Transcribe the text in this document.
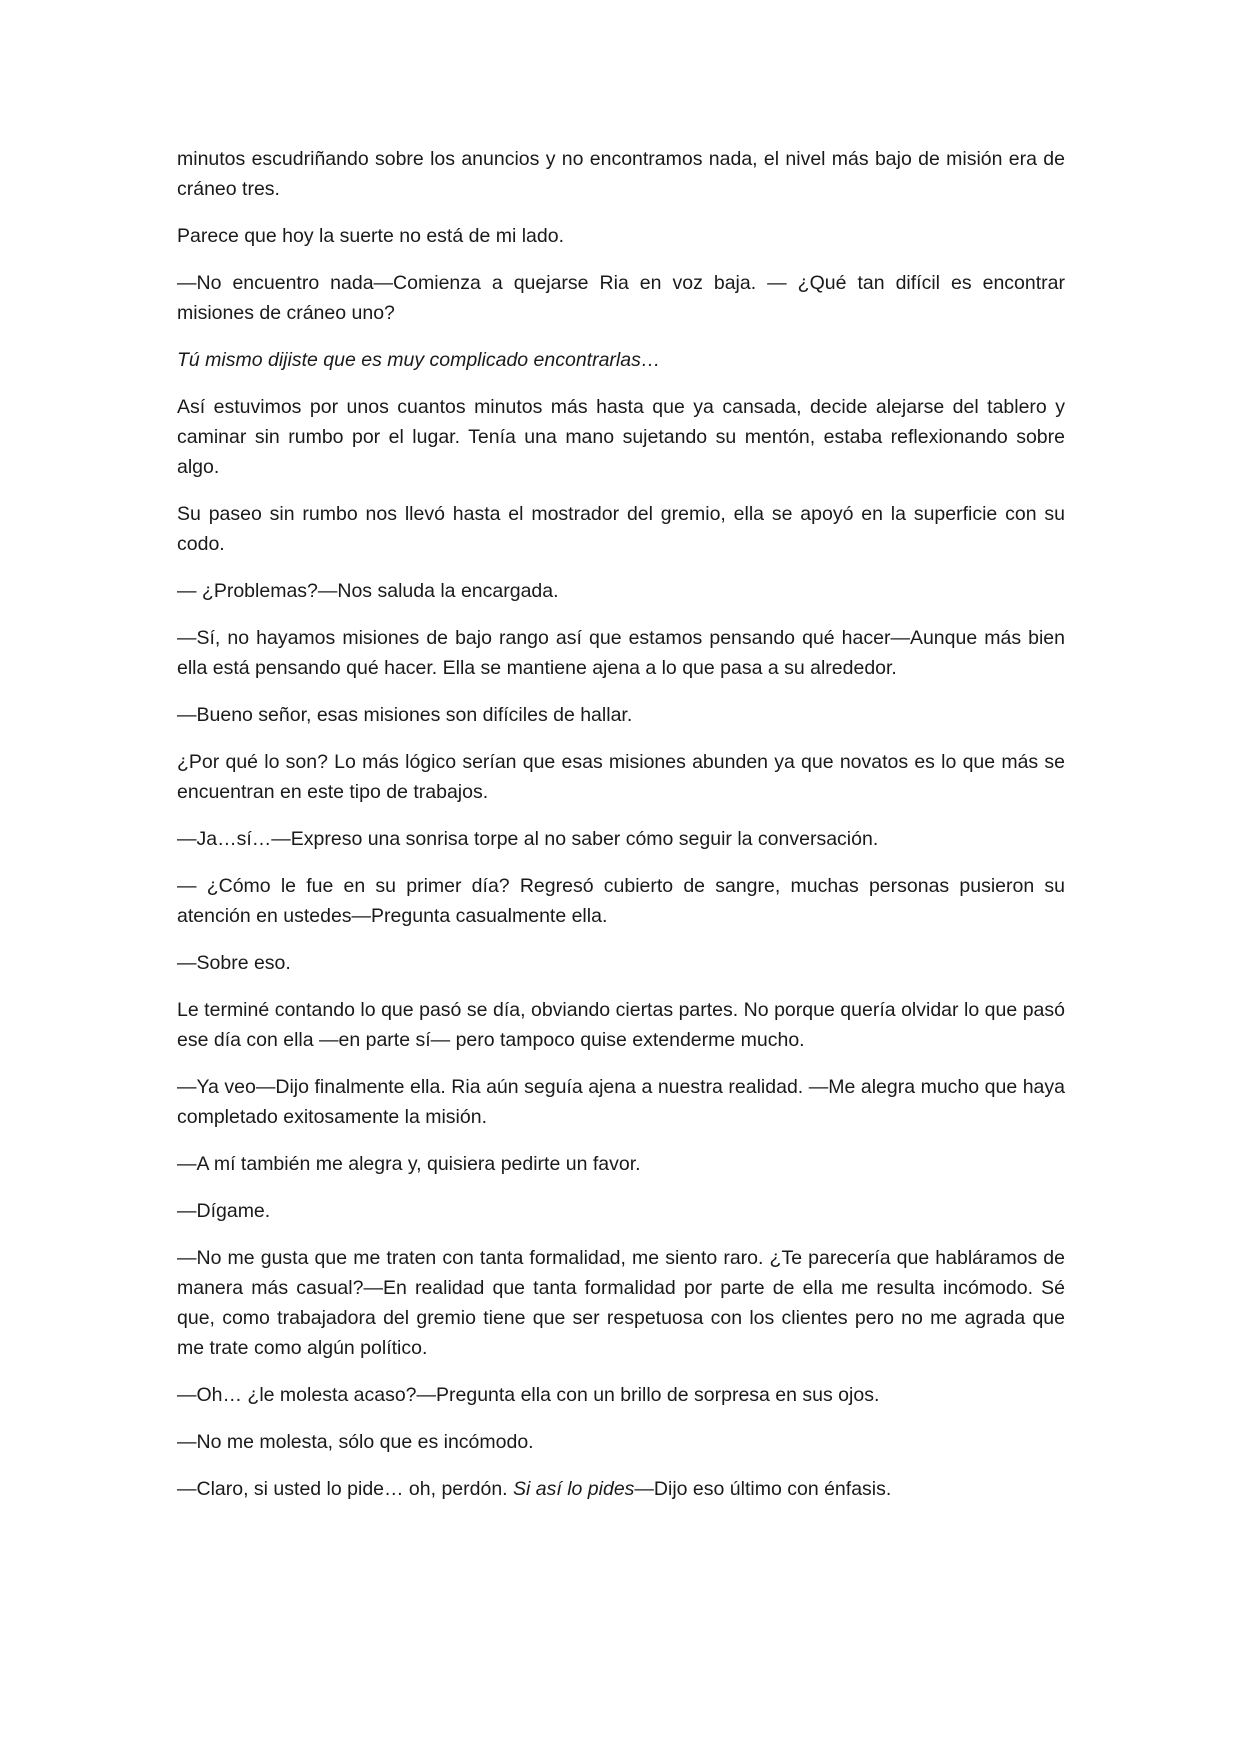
minutos escudriñando sobre los anuncios y no encontramos nada, el nivel más bajo de misión era de cráneo tres.

Parece que hoy la suerte no está de mi lado.

—No encuentro nada—Comienza a quejarse Ria en voz baja. — ¿Qué tan difícil es encontrar misiones de cráneo uno?

Tú mismo dijiste que es muy complicado encontrarlas…

Así estuvimos por unos cuantos minutos más hasta que ya cansada, decide alejarse del tablero y caminar sin rumbo por el lugar. Tenía una mano sujetando su mentón, estaba reflexionando sobre algo.

Su paseo sin rumbo nos llevó hasta el mostrador del gremio, ella se apoyó en la superficie con su codo.

— ¿Problemas?—Nos saluda la encargada.

—Sí, no hayamos misiones de bajo rango así que estamos pensando qué hacer—Aunque más bien ella está pensando qué hacer. Ella se mantiene ajena a lo que pasa a su alrededor.

—Bueno señor, esas misiones son difíciles de hallar.

¿Por qué lo son? Lo más lógico serían que esas misiones abunden ya que novatos es lo que más se encuentran en este tipo de trabajos.

—Ja…sí…—Expreso una sonrisa torpe al no saber cómo seguir la conversación.

— ¿Cómo le fue en su primer día? Regresó cubierto de sangre, muchas personas pusieron su atención en ustedes—Pregunta casualmente ella.

—Sobre eso.

Le terminé contando lo que pasó se día, obviando ciertas partes. No porque quería olvidar lo que pasó ese día con ella —en parte sí— pero tampoco quise extenderme mucho.

—Ya veo—Dijo finalmente ella. Ria aún seguía ajena a nuestra realidad. —Me alegra mucho que haya completado exitosamente la misión.

—A mí también me alegra y, quisiera pedirte un favor.

—Dígame.

—No me gusta que me traten con tanta formalidad, me siento raro. ¿Te parecería que habláramos de manera más casual?—En realidad que tanta formalidad por parte de ella me resulta incómodo. Sé que, como trabajadora del gremio tiene que ser respetuosa con los clientes pero no me agrada que me trate como algún político.

—Oh… ¿le molesta acaso?—Pregunta ella con un brillo de sorpresa en sus ojos.

—No me molesta, sólo que es incómodo.

—Claro, si usted lo pide… oh, perdón. Si así lo pides—Dijo eso último con énfasis.
